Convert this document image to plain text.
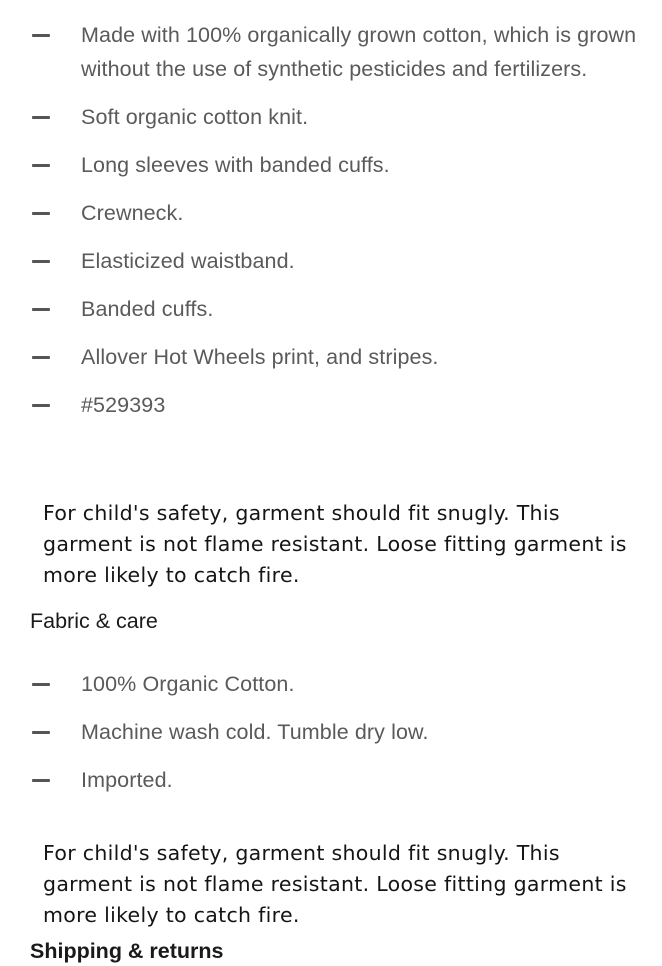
Made with 100% organically grown cotton, which is grown without the use of synthetic pesticides and fertilizers.
Soft organic cotton knit.
Long sleeves with banded cuffs.
Crewneck.
Elasticized waistband.
Banded cuffs.
Allover Hot Wheels print, and stripes.
#529393

For child's safety, garment should fit snugly. This garment is not flame resistant. Loose fitting garment is more likely to catch fire.

Fabric & care
100% Organic Cotton.
Machine wash cold. Tumble dry low.
Imported.

For child's safety, garment should fit snugly. This garment is not flame resistant. Loose fitting garment is more likely to catch fire.

Shipping & returns
